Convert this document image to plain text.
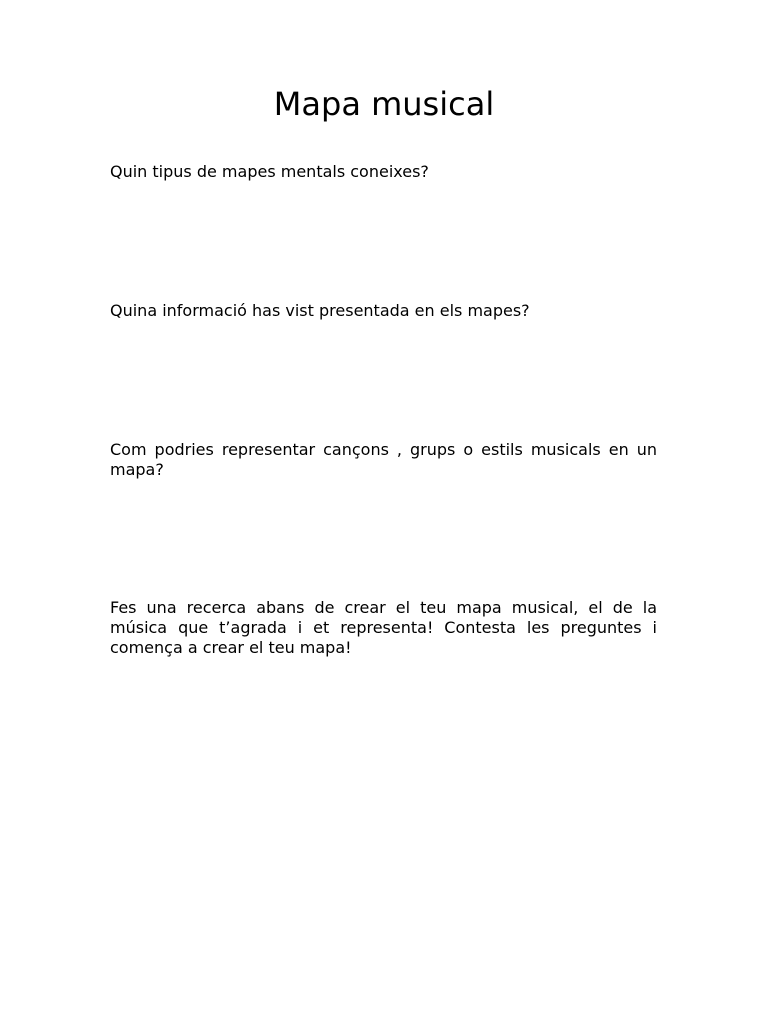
Mapa musical

Quin tipus de mapes mentals coneixes?

Quina informació has vist presentada en els mapes?

Com podries representar cançons , grups o estils musicals en un mapa?

Fes una recerca abans de crear el teu mapa musical, el de la música que t’agrada i et representa! Contesta les preguntes i comença a crear el teu mapa!
